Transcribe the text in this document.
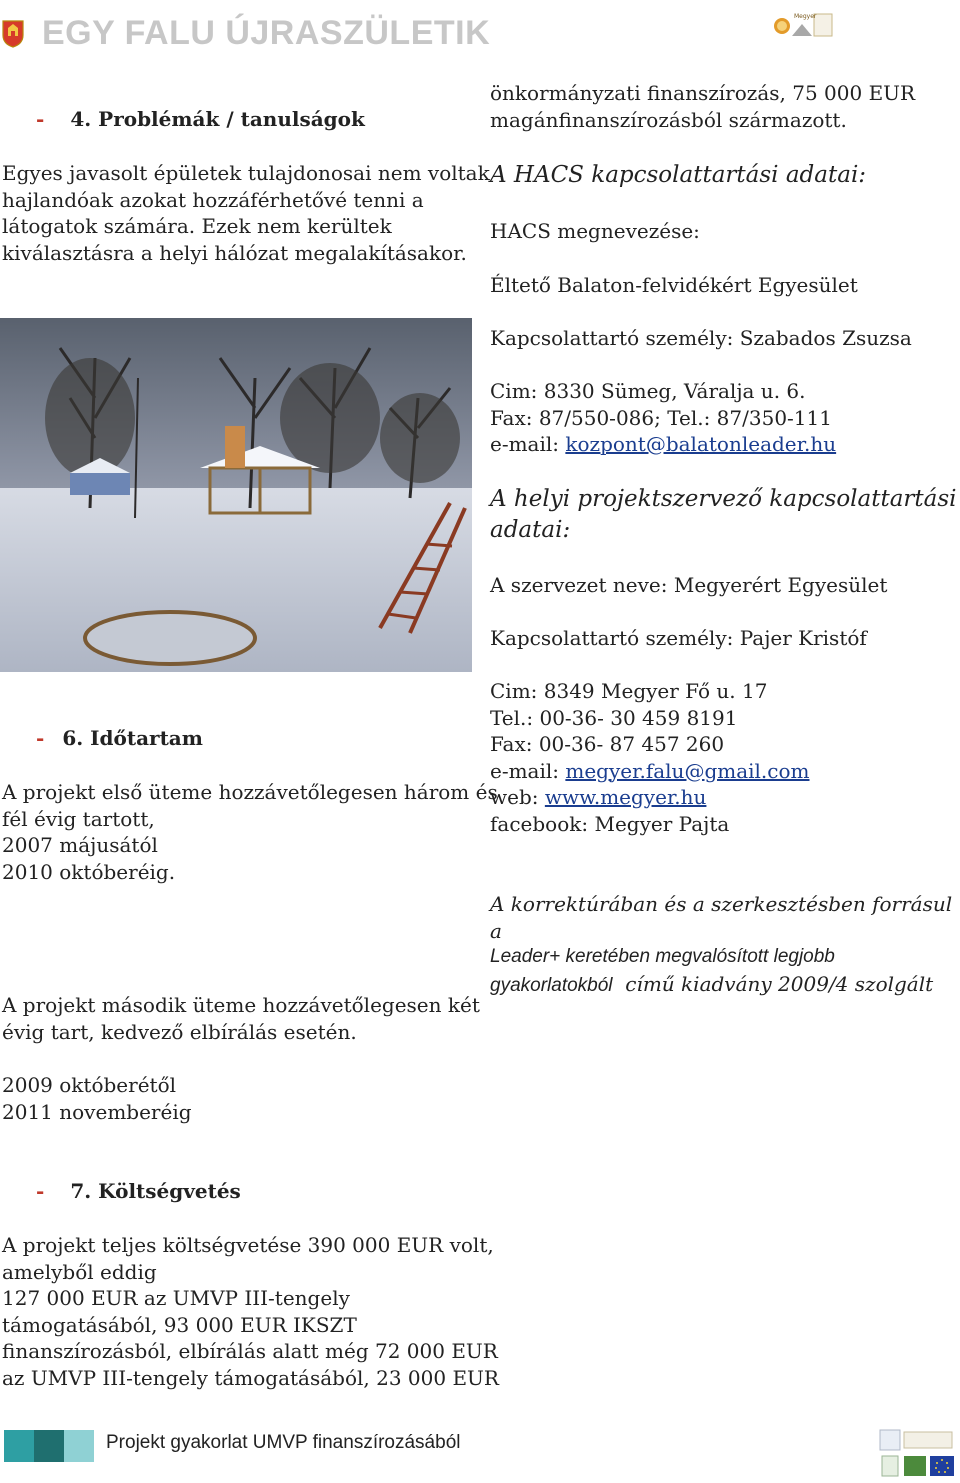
EGY FALU ÚJRASZÜLETIK	Megyer
- 4. Problémák / tanulságok
Egyes javasolt épületek tulajdonosai nem voltak
hajlandóak azokat hozzáférhetővé tenni a
látogatok számára. Ezek nem kerültek
kiválasztásra a helyi hálózat megalakításakor.
- 6. Időtartam
A projekt első üteme hozzávetőlegesen három és
fél évig tartott,
2007 májusától
2010 októberéig.
A projekt második üteme hozzávetőlegesen két
évig tart, kedvező elbírálás esetén.
2009 októberétől
2011 novemberéig
- 7. Költségvetés
A projekt teljes költségvetése 390 000 EUR volt,
amelyből eddig
127 000 EUR az UMVP III-tengely
támogatásából, 93 000 EUR IKSZT
finanszírozásból, elbírálás alatt még 72 000 EUR
az UMVP III-tengely támogatásából, 23 000 EUR
önkormányzati finanszírozás, 75 000 EUR
magánfinanszírozásból származott.
A HACS kapcsolattartási adatai:
HACS megnevezése:
Éltető Balaton-felvidékért Egyesület
Kapcsolattartó személy: Szabados Zsuzsa
Cim: 8330 Sümeg, Váralja u. 6.
Fax: 87/550-086; Tel.: 87/350-111
e-mail: kozpont@balatonleader.hu
A helyi projektszervező kapcsolattartási
adatai:
A szervezet neve: Megyerért Egyesület
Kapcsolattartó személy: Pajer Kristóf
Cim: 8349 Megyer Fő u. 17
Tel.: 00-36- 30 459 8191
Fax: 00-36- 87 457 260
e-mail: megyer.falu@gmail.com
web: www.megyer.hu
facebook: Megyer Pajta
A korrektúrában és a szerkesztésben forrásul a
Leader+ keretében megvalósított legjobb
gyakorlatokból  című kiadvány 2009/4 szolgált
Projekt gyakorlat UMVP finanszírozásából
